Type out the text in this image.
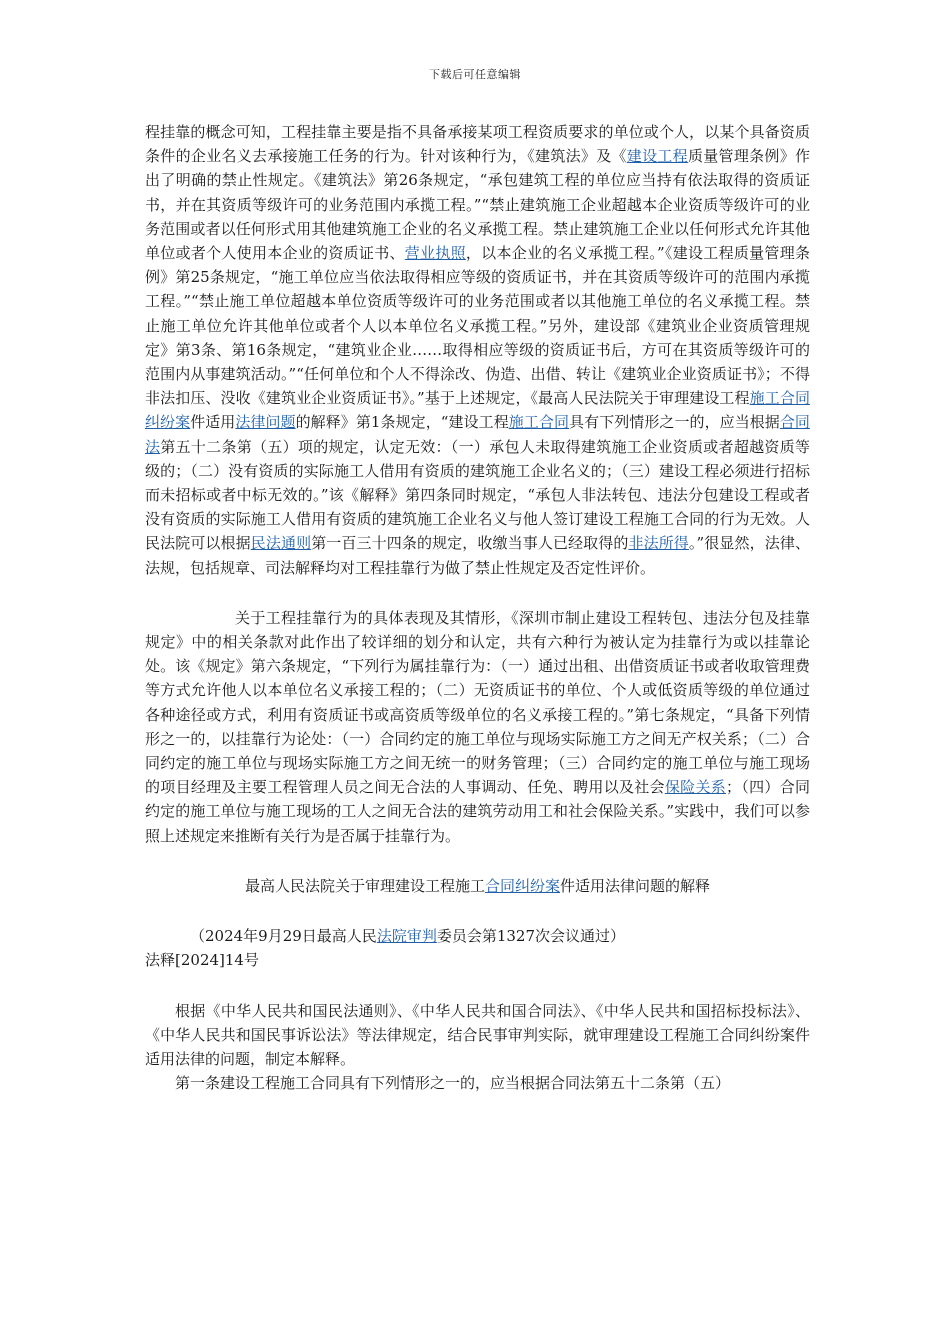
下载后可任意编辑

程挂靠的概念可知，工程挂靠主要是指不具备承接某项工程资质要求的单位或个人，以某个具备资质条件的企业名义去承接施工任务的行为。针对该种行为，《建筑法》及《建设工程质量管理条例》作出了明确的禁止性规定。《建筑法》第26条规定，“承包建筑工程的单位应当持有依法取得的资质证书，并在其资质等级许可的业务范围内承揽工程。”“禁止建筑施工企业超越本企业资质等级许可的业务范围或者以任何形式用其他建筑施工企业的名义承揽工程。禁止建筑施工企业以任何形式允许其他单位或者个人使用本企业的资质证书、营业执照，以本企业的名义承揽工程。”《建设工程质量管理条例》第25条规定，“施工单位应当依法取得相应等级的资质证书，并在其资质等级许可的范围内承揽工程。”“禁止施工单位超越本单位资质等级许可的业务范围或者以其他施工单位的名义承揽工程。禁止施工单位允许其他单位或者个人以本单位名义承揽工程。”另外，建设部《建筑业企业资质管理规定》第3条、第16条规定，“建筑业企业……取得相应等级的资质证书后，方可在其资质等级许可的范围内从事建筑活动。”“任何单位和个人不得涂改、伪造、出借、转让《建筑业企业资质证书》；不得非法扣压、没收《建筑业企业资质证书》。”基于上述规定，《最高人民法院关于审理建设工程施工合同纠纷案件适用法律问题的解释》第1条规定，“建设工程施工合同具有下列情形之一的，应当根据合同法第五十二条第（五）项的规定，认定无效：（一）承包人未取得建筑施工企业资质或者超越资质等级的；（二）没有资质的实际施工人借用有资质的建筑施工企业名义的；（三）建设工程必须进行招标而未招标或者中标无效的。”该《解释》第四条同时规定，“承包人非法转包、违法分包建设工程或者没有资质的实际施工人借用有资质的建筑施工企业名义与他人签订建设工程施工合同的行为无效。人民法院可以根据民法通则第一百三十四条的规定，收缴当事人已经取得的非法所得。”很显然，法律、法规，包括规章、司法解释均对工程挂靠行为做了禁止性规定及否定性评价。

关于工程挂靠行为的具体表现及其情形，《深圳市制止建设工程转包、违法分包及挂靠规定》中的相关条款对此作出了较详细的划分和认定，共有六种行为被认定为挂靠行为或以挂靠论处。该《规定》第六条规定，“下列行为属挂靠行为：（一）通过出租、出借资质证书或者收取管理费等方式允许他人以本单位名义承接工程的；（二）无资质证书的单位、个人或低资质等级的单位通过各种途径或方式，利用有资质证书或高资质等级单位的名义承接工程的。”第七条规定，“具备下列情形之一的，以挂靠行为论处：（一）合同约定的施工单位与现场实际施工方之间无产权关系；（二）合同约定的施工单位与现场实际施工方之间无统一的财务管理；（三）合同约定的施工单位与施工现场的项目经理及主要工程管理人员之间无合法的人事调动、任免、聘用以及社会保险关系；（四）合同约定的施工单位与施工现场的工人之间无合法的建筑劳动用工和社会保险关系。”实践中，我们可以参照上述规定来推断有关行为是否属于挂靠行为。

最高人民法院关于审理建设工程施工合同纠纷案件适用法律问题的解释

（2024年9月29日最高人民法院审判委员会第1327次会议通过）

法释[2024]14号

根据《中华人民共和国民法通则》、《中华人民共和国合同法》、《中华人民共和国招标投标法》、《中华人民共和国民事诉讼法》等法律规定，结合民事审判实际，就审理建设工程施工合同纠纷案件适用法律的问题，制定本解释。

第一条建设工程施工合同具有下列情形之一的，应当根据合同法第五十二条第（五）
